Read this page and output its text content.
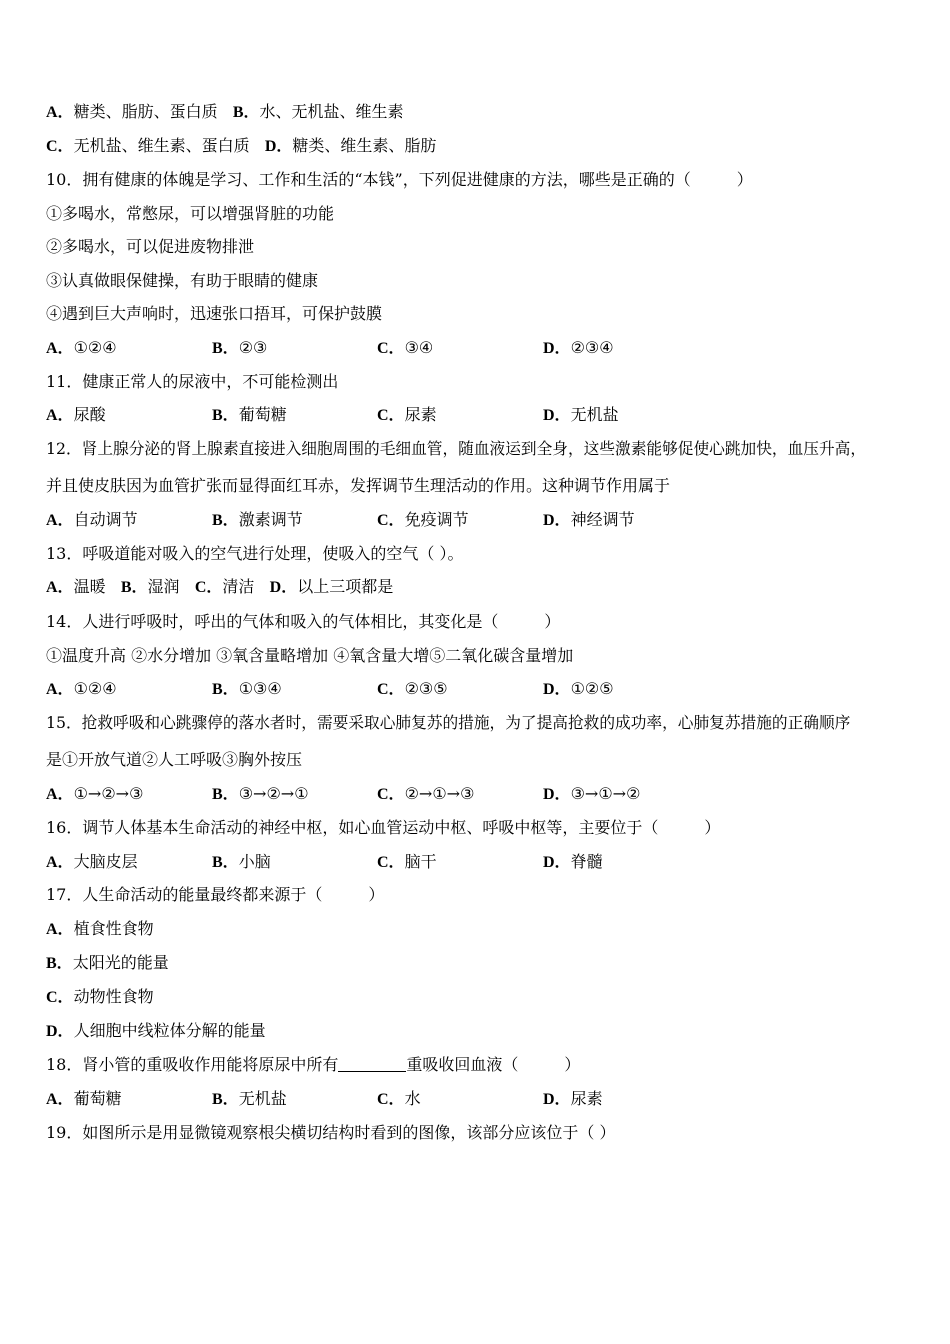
A．糖类、脂肪、蛋白质 B．水、无机盐、维生素
C．无机盐、维生素、蛋白质 D．糖类、维生素、脂肪
10．拥有健康的体魄是学习、工作和生活的“本钱”，下列促进健康的方法，哪些是正确的（	）
①多喝水，常憋尿，可以增强肾脏的功能
②多喝水，可以促进废物排泄
③认真做眼保健操，有助于眼睛的健康
④遇到巨大声响时，迅速张口捂耳，可保护鼓膜
A．①②④	B．②③	C．③④	D．②③④
11．健康正常人的尿液中，不可能检测出
A．尿酸	B．葡萄糖	C．尿素	D．无机盐
12．肾上腺分泌的肾上腺素直接进入细胞周围的毛细血管，随血液运到全身，这些激素能够促使心跳加快，血压升高，
并且使皮肤因为血管扩张而显得面红耳赤，发挥调节生理活动的作用。这种调节作用属于
A．自动调节	B．激素调节	C．免疫调节	D．神经调节
13．呼吸道能对吸入的空气进行处理，使吸入的空气（ ）。
A．温暖 B．湿润 C．清洁 D．以上三项都是
14．人进行呼吸时，呼出的气体和吸入的气体相比，其变化是（	）
①温度升高 ②水分增加 ③氧含量略增加 ④氧含量大增⑤二氧化碳含量增加
A．①②④	B．①③④	C．②③⑤	D．①②⑤
15．抢救呼吸和心跳骤停的落水者时，需要采取心肺复苏的措施，为了提高抢救的成功率，心肺复苏措施的正确顺序
是①开放气道②人工呼吸③胸外按压
A．①→②→③	B．③→②→①	C．②→①→③	D．③→①→②
16．调节人体基本生命活动的神经中枢，如心血管运动中枢、呼吸中枢等，主要位于（	）
A．大脑皮层	B．小脑	C．脑干	D．脊髓
17．人生命活动的能量最终都来源于（	）
A．植食性食物
B．太阳光的能量
C．动物性食物
D．人细胞中线粒体分解的能量
18．肾小管的重吸收作用能将原尿中所有	重吸收回血液（	）
A．葡萄糖	B．无机盐	C．水	D．尿素
19．如图所示是用显微镜观察根尖横切结构时看到的图像，该部分应该位于（ ）
